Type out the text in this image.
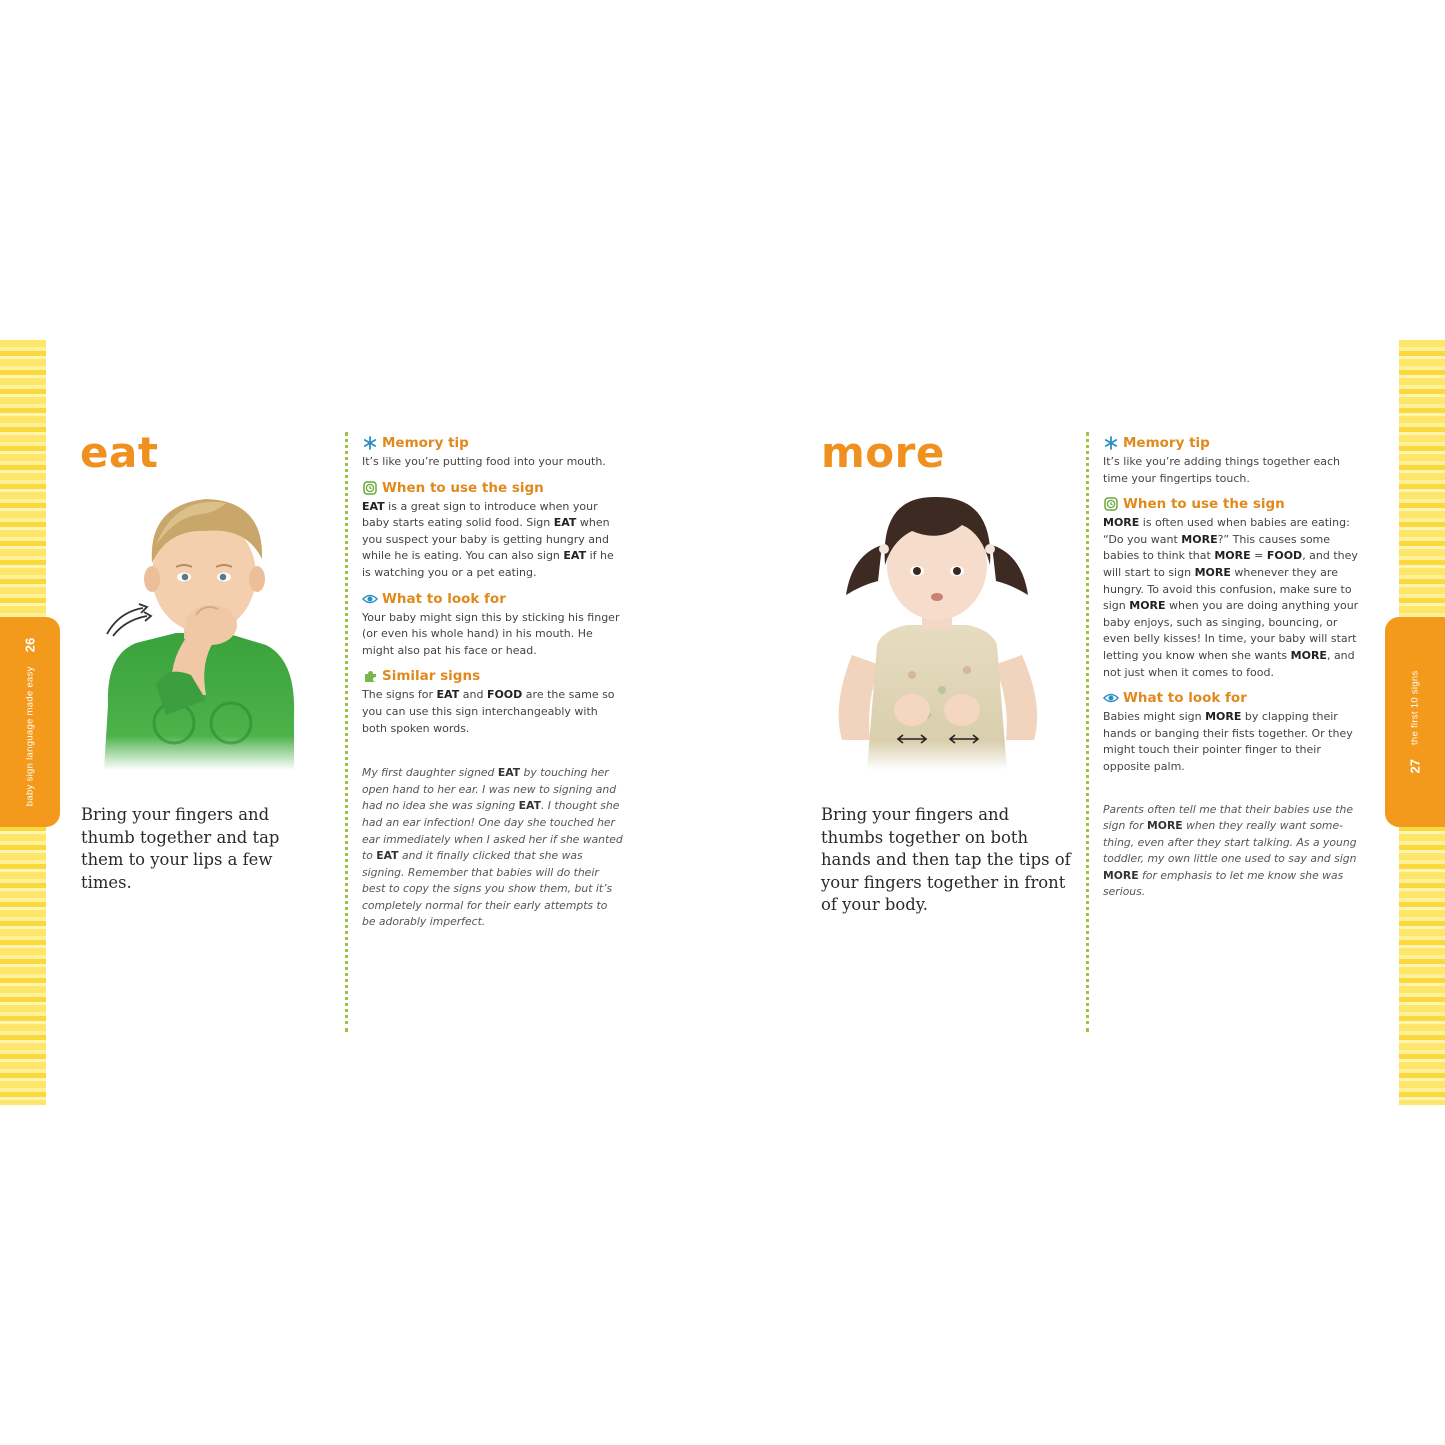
baby sign language made easy
26
the first 10 signs
27
eat

Bring your fingers and thumb together and tap them to your lips a few times.

Memory tip

It’s like you’re putting food into your mouth.

When to use the sign

EAT is a great sign to introduce when your baby starts eating solid food. Sign EAT when you suspect your baby is getting hungry and while he is eating. You can also sign EAT if he is watching you or a pet eating.

What to look for

Your baby might sign this by sticking his finger (or even his whole hand) in his mouth. He might also pat his face or head.

Similar signs

The signs for EAT and FOOD are the same so you can use this sign interchangeably with both spoken words.

My first daughter signed EAT by touching her open hand to her ear. I was new to signing and had no idea she was signing EAT. I thought she had an ear infection! One day she touched her ear immediately when I asked her if she wanted to EAT and it finally clicked that she was signing. Remember that babies will do their best to copy the signs you show them, but it’s completely normal for their early attempts to be adorably imperfect.

more

Bring your fingers and thumbs together on both hands and then tap the tips of your fingers together in front of your body.

Memory tip

It’s like you’re adding things together each time your fingertips touch.

When to use the sign

MORE is often used when babies are eating: “Do you want MORE?” This causes some babies to think that MORE = FOOD, and they will start to sign MORE whenever they are hungry. To avoid this confusion, make sure to sign MORE when you are doing anything your baby enjoys, such as singing, bouncing, or even belly kisses! In time, your baby will start letting you know when she wants MORE, and not just when it comes to food.

What to look for

Babies might sign MORE by clapping their hands or banging their fists together. Or they might touch their pointer finger to their opposite palm.

Parents often tell me that their babies use the sign for MORE when they really want some-thing, even after they start talking. As a young toddler, my own little one used to say and sign MORE for emphasis to let me know she was serious.
